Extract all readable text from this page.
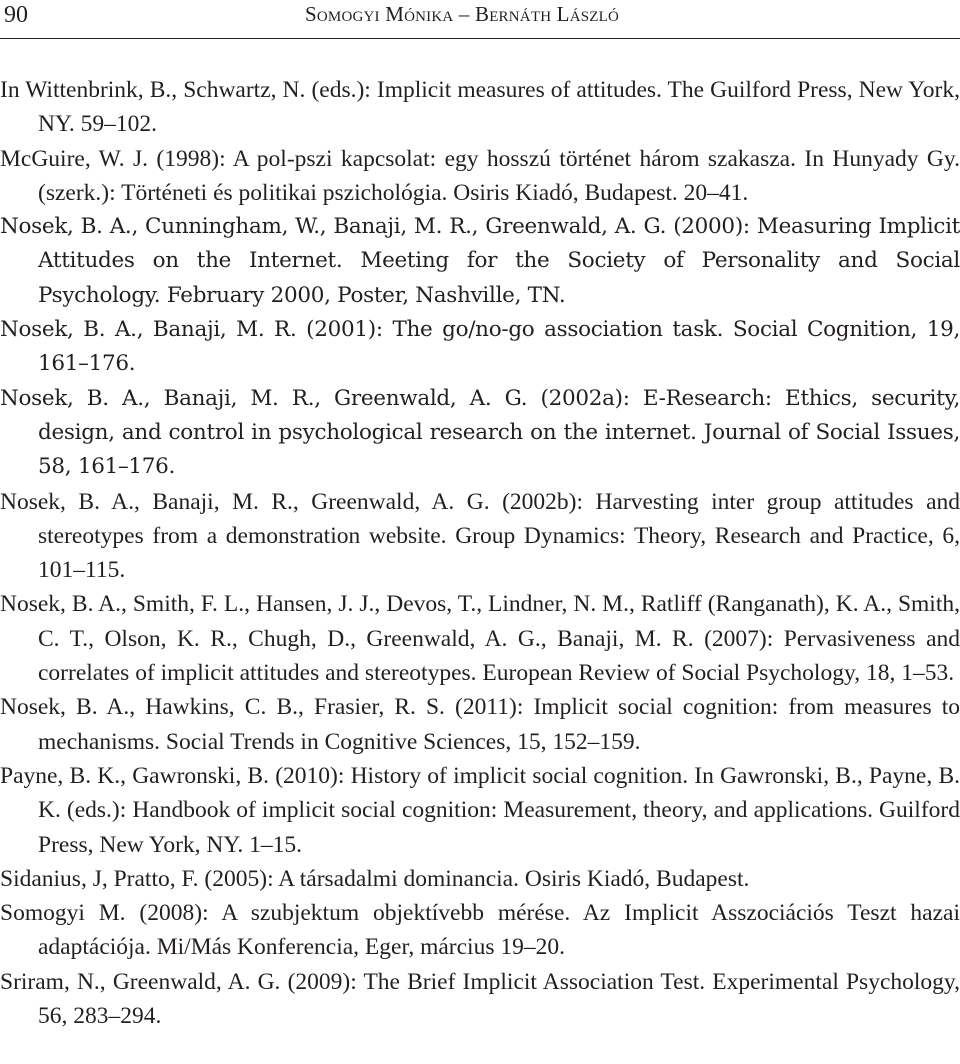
90	Somogyi Mónika – Bernáth László
In Wittenbrink, B., Schwartz, N. (eds.): Implicit measures of attitudes. The Guilford Press, New York, NY. 59–102.
McGuire, W. J. (1998): A pol-pszi kapcsolat: egy hosszú történet három szakasza. In Hunyady Gy. (szerk.): Történeti és politikai pszichológia. Osiris Kiadó, Budapest. 20–41.
Nosek, B. A., Cunningham, W., Banaji, M. R., Greenwald, A. G. (2000): Measuring Implicit Attitudes on the Internet. Meeting for the Society of Personality and Social Psychology. February 2000, Poster, Nashville, TN.
Nosek, B. A., Banaji, M. R. (2001): The go/no-go association task. Social Cognition, 19, 161–176.
Nosek, B. A., Banaji, M. R., Greenwald, A. G. (2002a): E-Research: Ethics, security, design, and control in psychological research on the internet. Journal of Social Issues, 58, 161–176.
Nosek, B. A., Banaji, M. R., Greenwald, A. G. (2002b): Harvesting inter group attitudes and stereotypes from a demonstration website. Group Dynamics: Theory, Research and Practice, 6, 101–115.
Nosek, B. A., Smith, F. L., Hansen, J. J., Devos, T., Lindner, N. M., Ratliff (Ranganath), K. A., Smith, C. T., Olson, K. R., Chugh, D., Greenwald, A. G., Banaji, M. R. (2007): Pervasiveness and correlates of implicit attitudes and stereotypes. European Review of Social Psychology, 18, 1–53.
Nosek, B. A., Hawkins, C. B., Frasier, R. S. (2011): Implicit social cognition: from measures to mechanisms. Social Trends in Cognitive Sciences, 15, 152–159.
Payne, B. K., Gawronski, B. (2010): History of implicit social cognition. In Gawronski, B., Payne, B. K. (eds.): Handbook of implicit social cognition: Measurement, theory, and applications. Guilford Press, New York, NY. 1–15.
Sidanius, J, Pratto, F. (2005): A társadalmi dominancia. Osiris Kiadó, Budapest.
Somogyi M. (2008): A szubjektum objektívebb mérése. Az Implicit Asszociációs Teszt hazai adaptációja. Mi/Más Konferencia, Eger, március 19–20.
Sriram, N., Greenwald, A. G. (2009): The Brief Implicit Association Test. Experimental Psychology, 56, 283–294.
